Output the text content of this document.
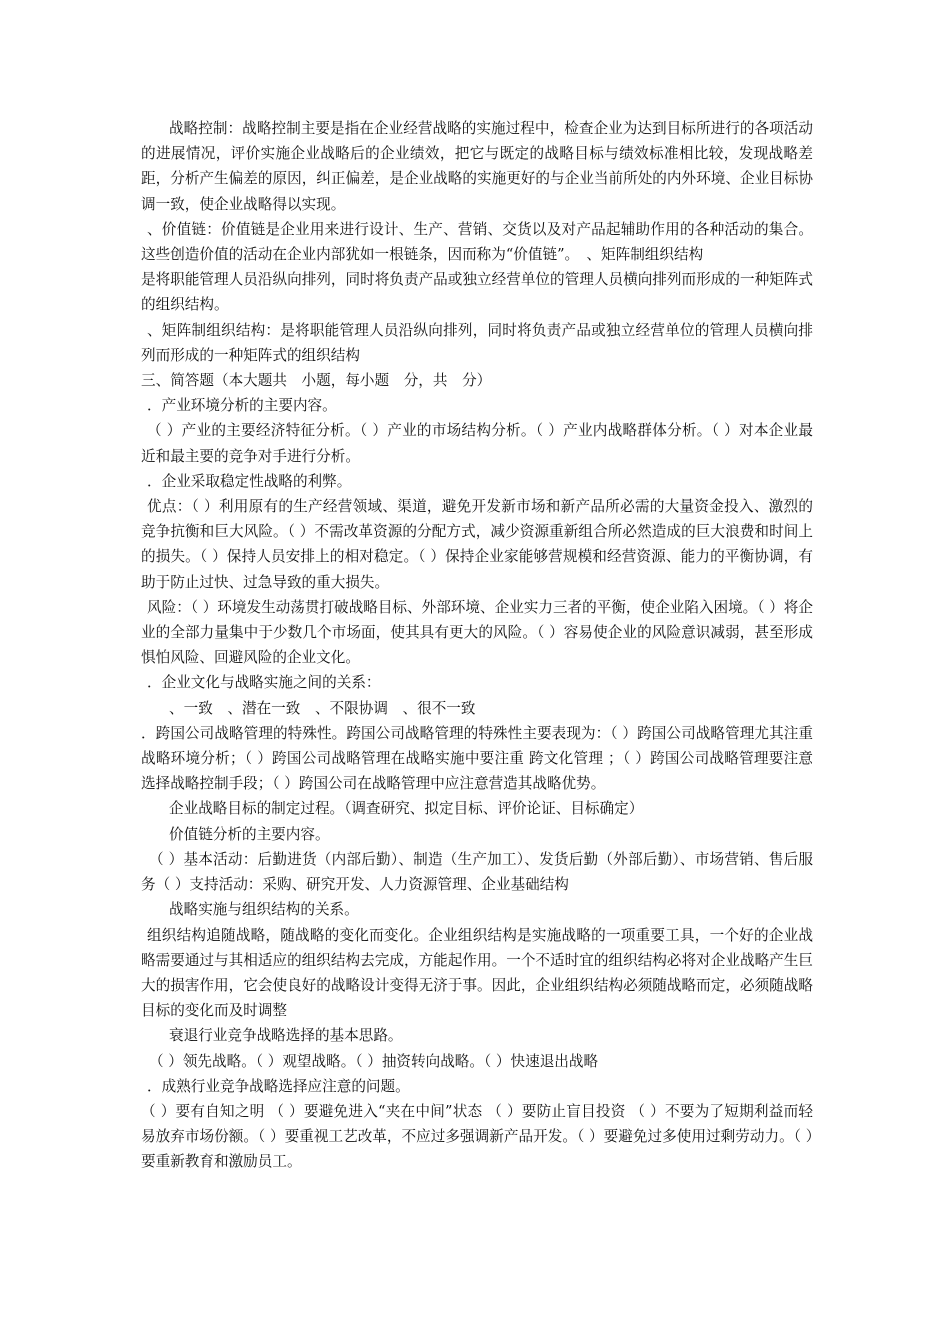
战略控制：战略控制主要是指在企业经营战略的实施过程中，检查企业为达到目标所进行的各项活动的进展情况，评价实施企业战略后的企业绩效，把它与既定的战略目标与绩效标准相比较，发现战略差距，分析产生偏差的原因，纠正偏差，是企业战略的实施更好的与企业当前所处的内外环境、企业目标协调一致，使企业战略得以实现。

、价值链：价值链是企业用来进行设计、生产、营销、交货以及对产品起辅助作用的各种活动的集合。这些创造价值的活动在企业内部犹如一根链条，因而称为“价值链”。　、矩阵制组织结构

是将职能管理人员沿纵向排列，同时将负责产品或独立经营单位的管理人员横向排列而形成的一种矩阵式的组织结构。

、矩阵制组织结构：是将职能管理人员沿纵向排列，同时将负责产品或独立经营单位的管理人员横向排列而形成的一种矩阵式的组织结构

三、简答题（本大题共　小题，每小题　分，共　分）

．产业环境分析的主要内容。

（ ）产业的主要经济特征分析。（ ）产业的市场结构分析。（ ）产业内战略群体分析。（ ）对本企业最近和最主要的竞争对手进行分析。

．企业采取稳定性战略的利弊。

优点：（ ）利用原有的生产经营领域、渠道，避免开发新市场和新产品所必需的大量资金投入、激烈的竞争抗衡和巨大风险。（ ）不需改革资源的分配方式，减少资源重新组合所必然造成的巨大浪费和时间上的损失。（ ）保持人员安排上的相对稳定。（ ）保持企业家能够营规模和经营资源、能力的平衡协调，有助于防止过快、过急导致的重大损失。

风险：（ ）环境发生动荡贯打破战略目标、外部环境、企业实力三者的平衡，使企业陷入困境。（ ）将企业的全部力量集中于少数几个市场面，使其具有更大的风险。（ ）容易使企业的风险意识减弱，甚至形成惧怕风险、回避风险的企业文化。

．企业文化与战略实施之间的关系：

、一致　、潜在一致　、不限协调　、很不一致

．跨国公司战略管理的特殊性。跨国公司战略管理的特殊性主要表现为：（ ）跨国公司战略管理尤其注重战略环境分析；（ ）跨国公司战略管理在战略实施中要注重 跨文化管理 ；（ ）跨国公司战略管理要注意选择战略控制手段；（ ）跨国公司在战略管理中应注意营造其战略优势。

企业战略目标的制定过程。（调查研究、拟定目标、评价论证、目标确定）

价值链分析的主要内容。

（ ）基本活动：后勤进货（内部后勤）、制造（生产加工）、发货后勤（外部后勤）、市场营销、售后服务（ ）支持活动：采购、研究开发、人力资源管理、企业基础结构

战略实施与组织结构的关系。

组织结构追随战略，随战略的变化而变化。企业组织结构是实施战略的一项重要工具，一个好的企业战略需要通过与其相适应的组织结构去完成，方能起作用。一个不适时宜的组织结构必将对企业战略产生巨大的损害作用，它会使良好的战略设计变得无济于事。因此，企业组织结构必须随战略而定，必须随战略目标的变化而及时调整

衰退行业竞争战略选择的基本思路。

（ ）领先战略。（ ）观望战略。（ ）抽资转向战略。（ ）快速退出战略

．成熟行业竞争战略选择应注意的问题。

（ ）要有自知之明 （ ）要避免进入“夹在中间”状态 （ ）要防止盲目投资 （ ）不要为了短期利益而轻易放弃市场份额。（ ）要重视工艺改革，不应过多强调新产品开发。（ ）要避免过多使用过剩劳动力。（ ）要重新教育和激励员工。
